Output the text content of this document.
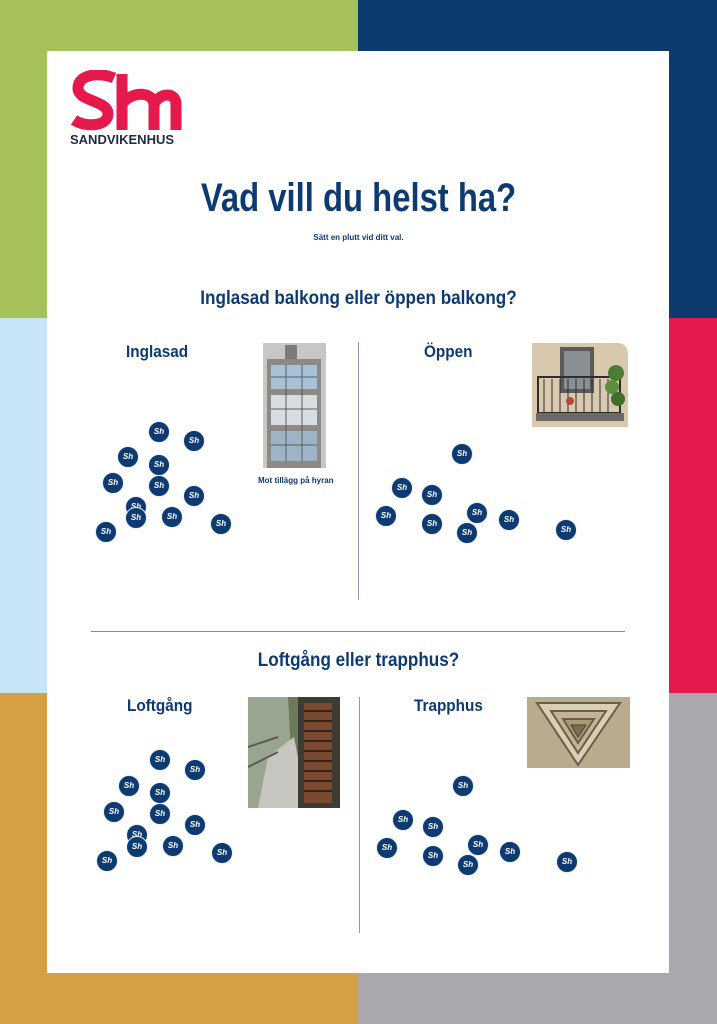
SANDVIKENHUS
Vad vill du helst ha?
Sätt en plutt vid ditt val.
Inglasad balkong eller öppen balkong?
Inglasad	Öppen
Mot tillägg på hyran
Sh
Sh
Sh
Sh
Sh
Sh
Sh
Sh
Sh
Sh
Sh
Sh
Sh
Sh
Sh
Sh
Sh
Sh
Sh
Sh
Sh
Loftgång eller trapphus?
Loftgång	Trapphus
Sh
Sh
Sh
Sh
Sh
Sh
Sh
Sh
Sh
Sh
Sh
Sh
Sh
Sh
Sh
Sh
Sh
Sh
Sh
Sh
Sh
